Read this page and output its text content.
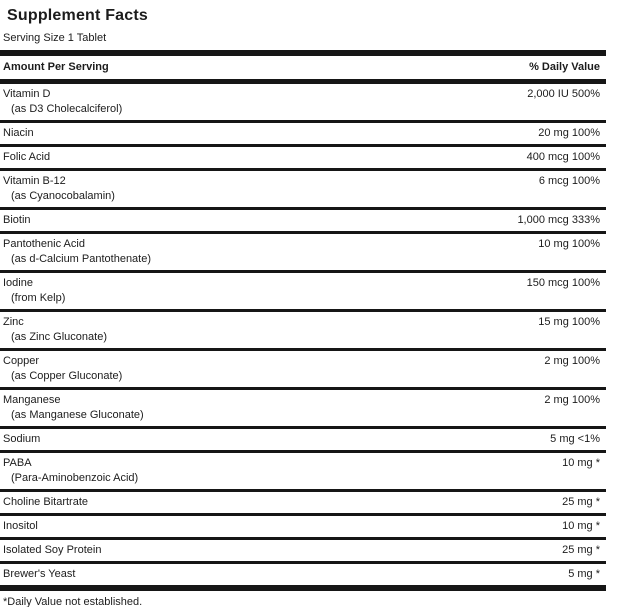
Supplement Facts
Serving Size 1 Tablet
Amount Per Serving	% Daily Value
Vitamin D	2,000 IU 500%
(as D3 Cholecalciferol)
Niacin	20 mg 100%
Folic Acid	400 mcg 100%
Vitamin B-12	6 mcg 100%
(as Cyanocobalamin)
Biotin	1,000 mcg 333%
Pantothenic Acid	10 mg 100%
(as d-Calcium Pantothenate)
Iodine	150 mcg 100%
(from Kelp)
Zinc	15 mg 100%
(as Zinc Gluconate)
Copper	2 mg 100%
(as Copper Gluconate)
Manganese	2 mg 100%
(as Manganese Gluconate)
Sodium	5 mg <1%
PABA	10 mg *
(Para-Aminobenzoic Acid)
Choline Bitartrate	25 mg *
Inositol	10 mg *
Isolated Soy Protein	25 mg *
Brewer's Yeast	5 mg *
*Daily Value not established.
